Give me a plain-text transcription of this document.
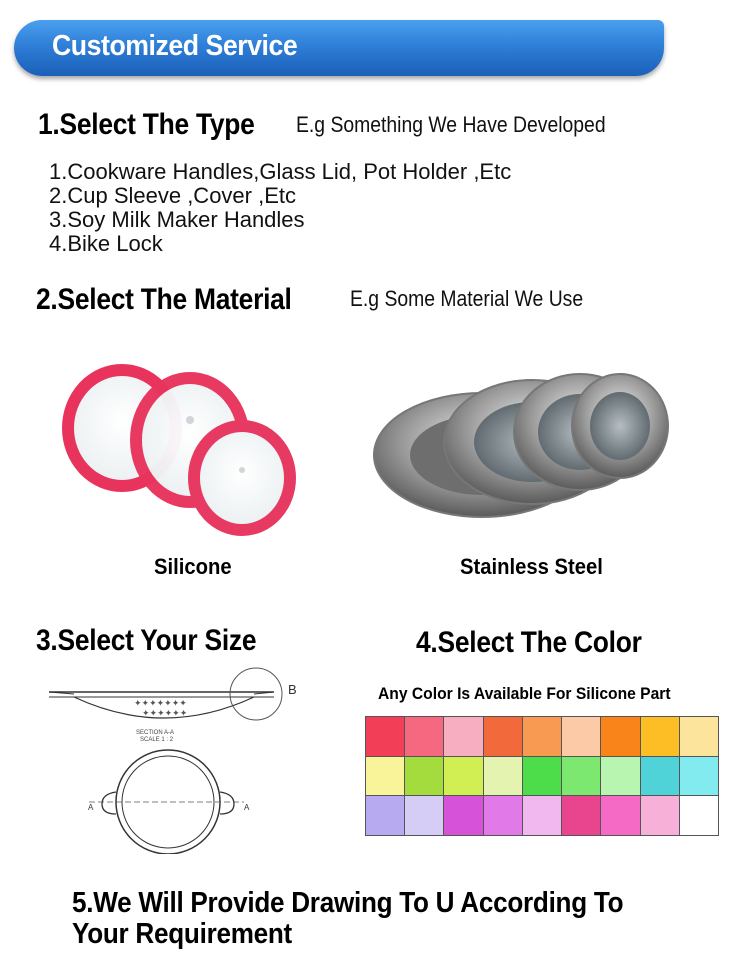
Customized Service
1.Select The Type E.g Something We Have Developed
1.Cookware Handles,Glass Lid, Pot Holder ,Etc
2.Cup Sleeve ,Cover ,Etc
3.Soy Milk Maker Handles
4.Bike Lock
2.Select The Material	E.g Some Material We Use
Silicone	Stainless Steel
3.Select Your Size	4.Select The Color
✦✦✦✦✦✦✦
✦✦✦✦✦✦
B
SECTION A-A
SCALE 1 : 2
A	A
Any Color Is Available For Silicone Part
5.We Will Provide Drawing To U According To Your Requirement
